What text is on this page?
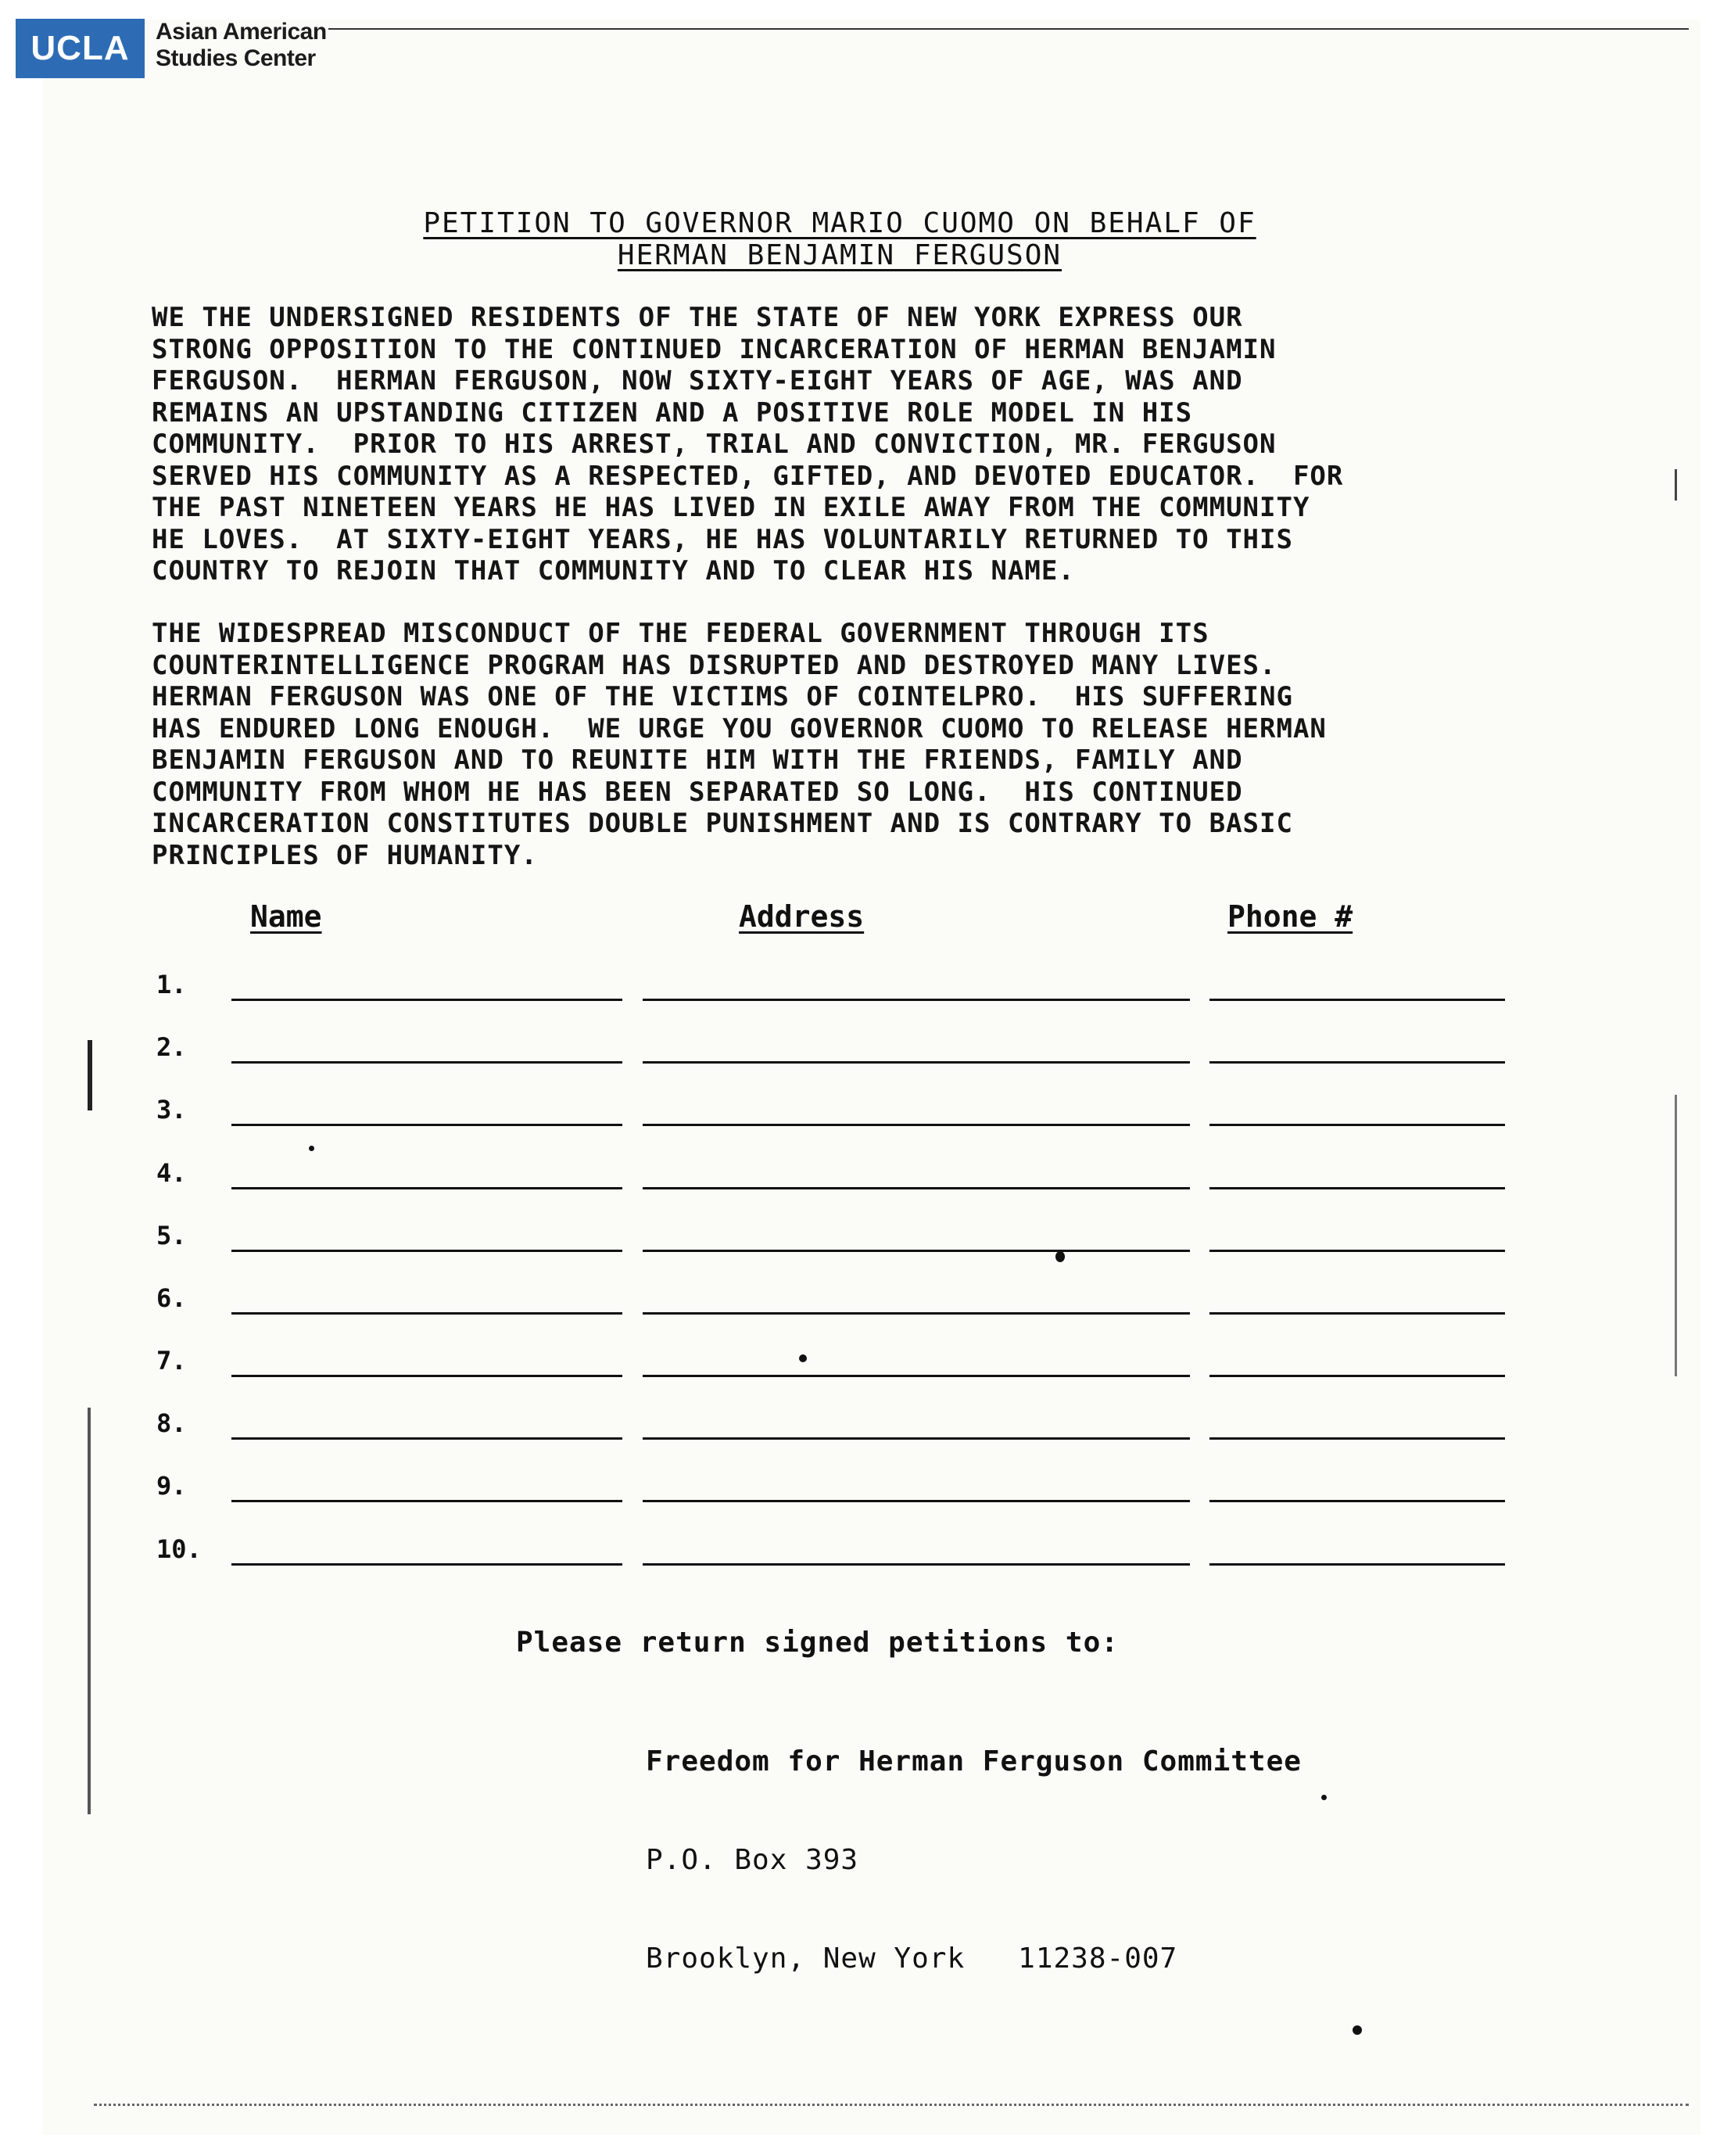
UCLA	Asian American
Studies Center
PETITION TO GOVERNOR MARIO CUOMO ON BEHALF OF
HERMAN BENJAMIN FERGUSON

WE THE UNDERSIGNED RESIDENTS OF THE STATE OF NEW YORK EXPRESS OUR
STRONG OPPOSITION TO THE CONTINUED INCARCERATION OF HERMAN BENJAMIN
FERGUSON.  HERMAN FERGUSON, NOW SIXTY-EIGHT YEARS OF AGE, WAS AND
REMAINS AN UPSTANDING CITIZEN AND A POSITIVE ROLE MODEL IN HIS
COMMUNITY.  PRIOR TO HIS ARREST, TRIAL AND CONVICTION, MR. FERGUSON
SERVED HIS COMMUNITY AS A RESPECTED, GIFTED, AND DEVOTED EDUCATOR.  FOR
THE PAST NINETEEN YEARS HE HAS LIVED IN EXILE AWAY FROM THE COMMUNITY
HE LOVES.  AT SIXTY-EIGHT YEARS, HE HAS VOLUNTARILY RETURNED TO THIS
COUNTRY TO REJOIN THAT COMMUNITY AND TO CLEAR HIS NAME.

THE WIDESPREAD MISCONDUCT OF THE FEDERAL GOVERNMENT THROUGH ITS
COUNTERINTELLIGENCE PROGRAM HAS DISRUPTED AND DESTROYED MANY LIVES.
HERMAN FERGUSON WAS ONE OF THE VICTIMS OF COINTELPRO.  HIS SUFFERING
HAS ENDURED LONG ENOUGH.  WE URGE YOU GOVERNOR CUOMO TO RELEASE HERMAN
BENJAMIN FERGUSON AND TO REUNITE HIM WITH THE FRIENDS, FAMILY AND
COMMUNITY FROM WHOM HE HAS BEEN SEPARATED SO LONG.  HIS CONTINUED
INCARCERATION CONSTITUTES DOUBLE PUNISHMENT AND IS CONTRARY TO BASIC
PRINCIPLES OF HUMANITY.

Name	Address	Phone #
1.
2.
3.
4.
5.
6.
7.
8.
9.
10.
Please return signed petitions to:

Freedom for Herman Ferguson Committee

P.O. Box 393

Brooklyn, New York   11238-007
